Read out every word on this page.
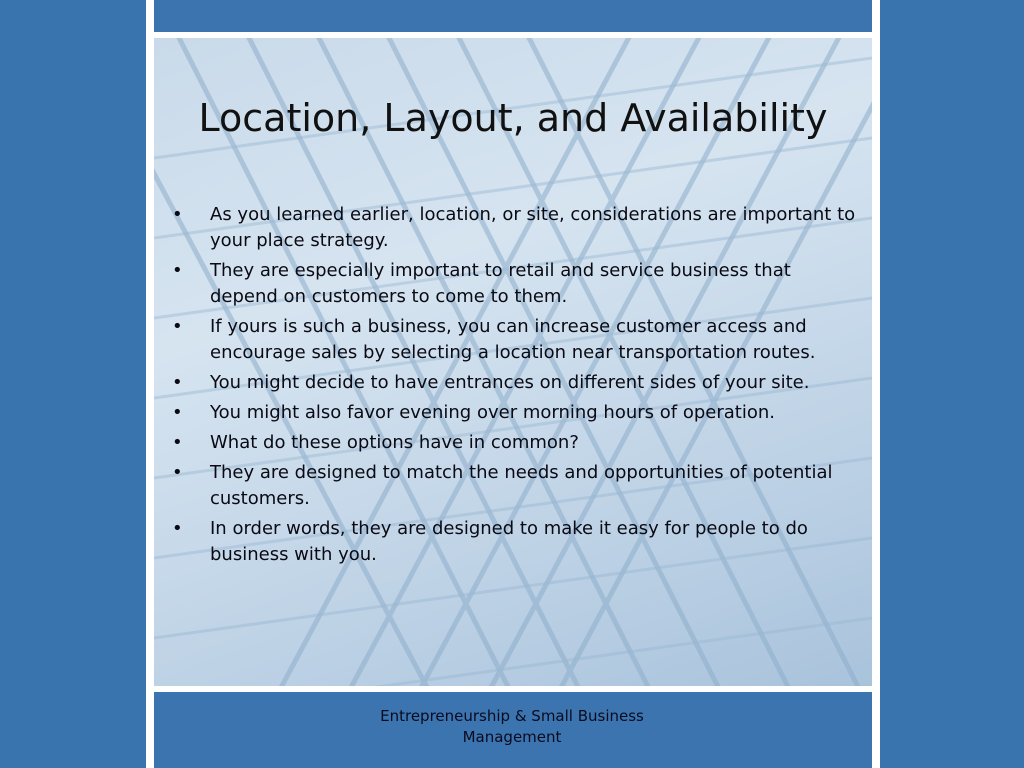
Location, Layout, and Availability
• As you learned earlier, location, or site, considerations are important to your place strategy.
• They are especially important to retail and service business that depend on customers to come to them.
• If yours is such a business, you can increase customer access and encourage sales by selecting a location near transportation routes.
• You might decide to have entrances on different sides of your site.
• You might also favor evening over morning hours of operation.
• What do these options have in common?
• They are designed to match the needs and opportunities of potential customers.
• In order words, they are designed to make it easy for people to do business with you.

Entrepreneurship & Small Business Management
